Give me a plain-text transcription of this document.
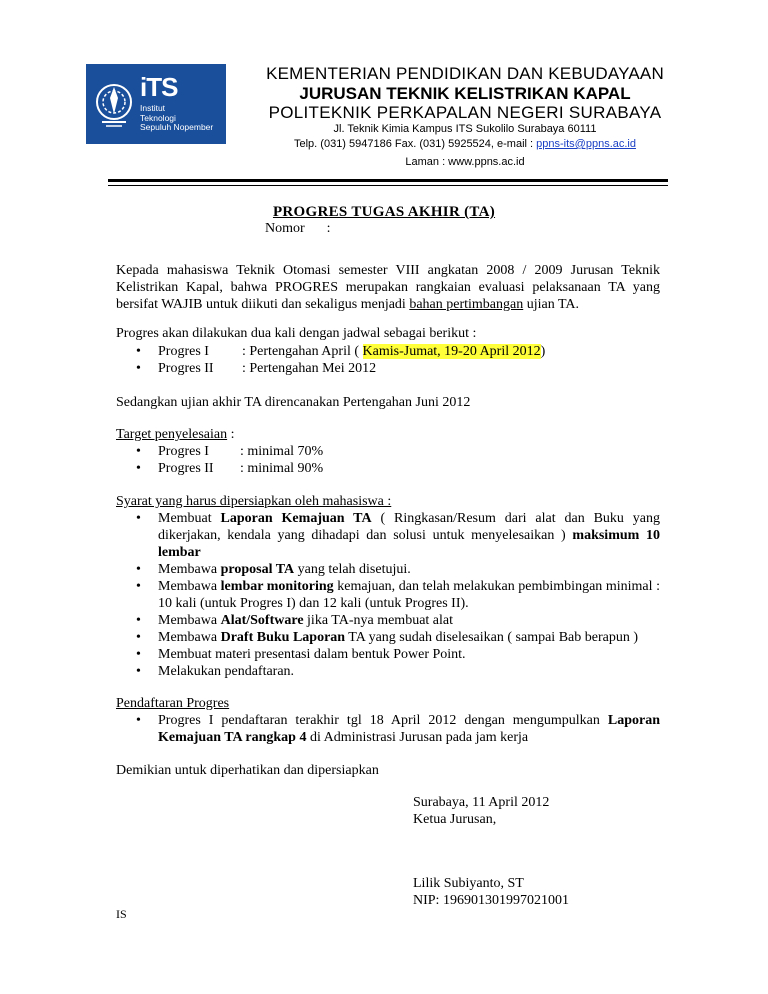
iTS
Institut
Teknologi
Sepuluh Nopember
KEMENTERIAN PENDIDIKAN DAN KEBUDAYAAN
JURUSAN TEKNIK KELISTRIKAN KAPAL
POLITEKNIK PERKAPALAN NEGERI SURABAYA
Jl. Teknik Kimia Kampus ITS Sukolilo Surabaya 60111
Telp. (031) 5947186 Fax. (031) 5925524, e-mail : ppns-its@ppns.ac.id
Laman : www.ppns.ac.id
PROGRES TUGAS AKHIR (TA)
Nomor :
Kepada mahasiswa Teknik Otomasi semester VIII angkatan 2008 / 2009 Jurusan Teknik Kelistrikan Kapal, bahwa PROGRES merupakan rangkaian evaluasi pelaksanaan TA yang bersifat WAJIB untuk diikuti dan sekaligus menjadi bahan pertimbangan ujian TA.
Progres akan dilakukan dua kali dengan jadwal sebagai berikut :
• Progres I : Pertengahan April ( Kamis-Jumat, 19-20 April 2012)
• Progres II : Pertengahan Mei 2012
Sedangkan ujian akhir TA direncanakan Pertengahan Juni 2012
Target penyelesaian :
• Progres I : minimal 70%
• Progres II : minimal 90%
Syarat yang harus dipersiapkan oleh mahasiswa :
• Membuat Laporan Kemajuan TA ( Ringkasan/Resum dari alat dan Buku yang dikerjakan, kendala yang dihadapi dan solusi untuk menyelesaikan ) maksimum 10 lembar
• Membawa proposal TA yang telah disetujui.
• Membawa lembar monitoring kemajuan, dan telah melakukan pembimbingan minimal : 10 kali (untuk Progres I) dan 12 kali (untuk Progres II).
• Membawa Alat/Software jika TA-nya membuat alat
• Membawa Draft Buku Laporan TA yang sudah diselesaikan ( sampai Bab berapun )
• Membuat materi presentasi dalam bentuk Power Point.
• Melakukan pendaftaran.
Pendaftaran Progres
• Progres I pendaftaran terakhir tgl 18 April 2012 dengan mengumpulkan Laporan Kemajuan TA rangkap 4 di Administrasi Jurusan pada jam kerja
Demikian untuk diperhatikan dan dipersiapkan
Surabaya, 11 April 2012
Ketua Jurusan,
Lilik Subiyanto, ST
NIP: 196901301997021001
IS
